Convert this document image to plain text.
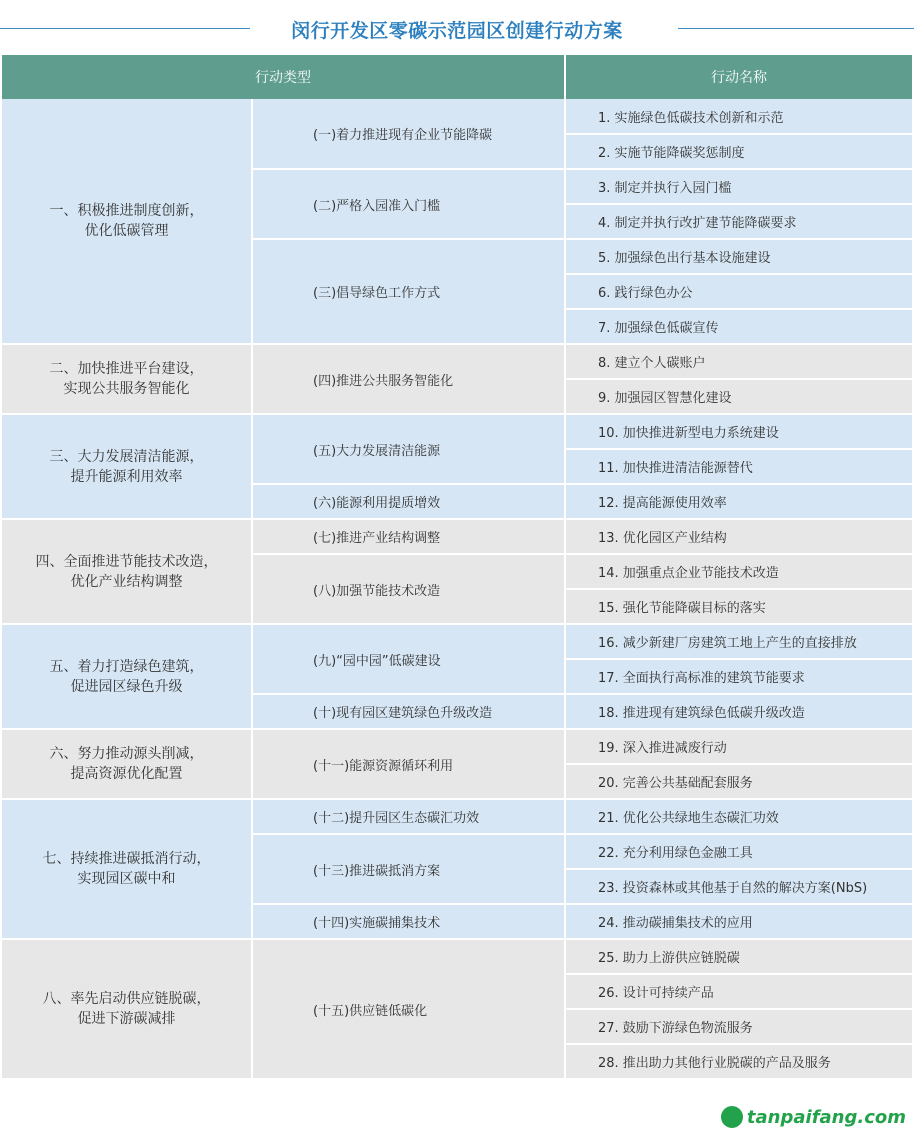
闵行开发区零碳示范园区创建行动方案
行动类型		行动名称

一、积极推进制度创新，
优化低碳管理	(一)着力推进现有企业节能降碳	1. 实施绿色低碳技术创新和示范
		2. 实施节能降碳奖惩制度
	(二)严格入园准入门槛	3. 制定并执行入园门槛
		4. 制定并执行改扩建节能降碳要求
	(三)倡导绿色工作方式	5. 加强绿色出行基本设施建设
		6. 践行绿色办公
		7. 加强绿色低碳宣传

二、加快推进平台建设，
实现公共服务智能化	(四)推进公共服务智能化	8. 建立个人碳账户
		9. 加强园区智慧化建设

三、大力发展清洁能源，
提升能源利用效率	(五)大力发展清洁能源	10. 加快推进新型电力系统建设
		11. 加快推进清洁能源替代
	(六)能源利用提质增效	12. 提高能源使用效率

四、全面推进节能技术改造，
优化产业结构调整	(七)推进产业结构调整	13. 优化园区产业结构
	(八)加强节能技术改造	14. 加强重点企业节能技术改造
		15. 强化节能降碳目标的落实

五、着力打造绿色建筑，
促进园区绿色升级	(九)“园中园”低碳建设	16. 减少新建厂房建筑工地上产生的直接排放
		17. 全面执行高标准的建筑节能要求
	(十)现有园区建筑绿色升级改造	18. 推进现有建筑绿色低碳升级改造

六、努力推动源头削减，
提高资源优化配置	(十一)能源资源循环利用	19. 深入推进减废行动
		20. 完善公共基础配套服务

七、持续推进碳抵消行动，
实现园区碳中和	(十二)提升园区生态碳汇功效	21. 优化公共绿地生态碳汇功效
	(十三)推进碳抵消方案	22. 充分利用绿色金融工具
		23. 投资森林或其他基于自然的解决方案(NbS)
	(十四)实施碳捕集技术	24. 推动碳捕集技术的应用

八、率先启动供应链脱碳，
促进下游碳减排	(十五)供应链低碳化	25. 助力上游供应链脱碳
		26. 设计可持续产品
		27. 鼓励下游绿色物流服务
		28. 推出助力其他行业脱碳的产品及服务
tanpaifang.com
